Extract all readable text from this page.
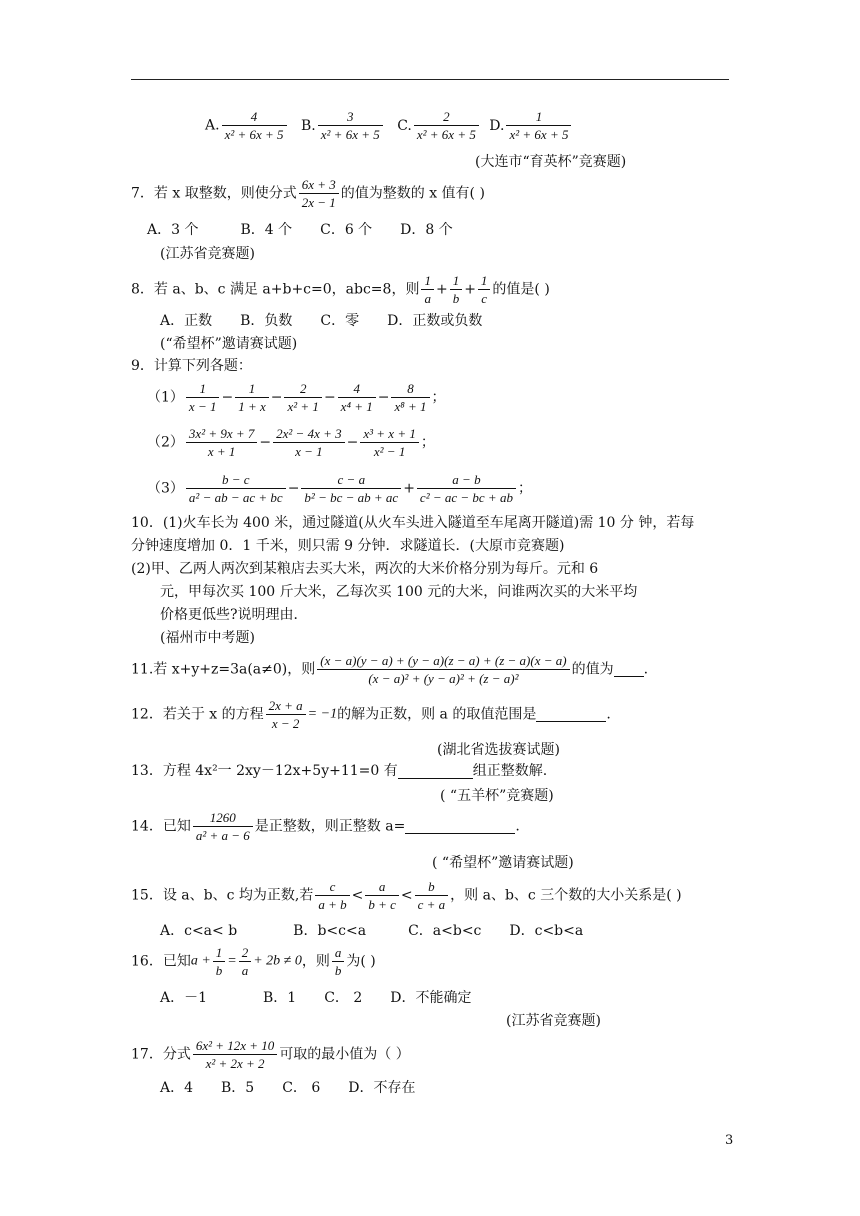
A. $\frac{4}{\text{x² + 6x + 5}} B$. $\frac{3}{\text{x² + 6x + 5}} C$. $\frac{2}{\text{x² + 6x + 5}} D$. $\frac{1}{\text{x² + 6x + 5}}$
(大连市“育英杯”竞赛题)
7．若 x 取整数，则使分式 $\frac{6x + 3}{2x - 1}$ 的值为整数的 x 值有( )
A．3 个　　　B．4 个　　C．6 个　　D．8 个
(江苏省竞赛题)
8．若 a、b、c 满足 a+b+c=0，abc=8，则 $\frac{1}{a} + \frac{1}{b} + \frac{1}{c}$ 的值是( )
A．正数　　B．负数　　C．零　　D．正数或负数
(“希望杯”邀请赛试题)
9．计算下列各题：
$(1) \frac{1}{x - 1} - \frac{1}{1 + x} - \frac{2}{\text{x² + 1}} - \frac{4}{\text{x⁴ + 1}} - \frac{8}{\text{x⁸ + 1}}$ ；
$(2) \frac{\text{3x² + 9x + 7}}{x + 1} - \frac{\text{2x² − 4x + 3}}{x - 1} - \frac{\text{x³ + x + 1}}{\text{x² − 1}}$ ；
$(3) \frac{b - c}{\text{a² − ab − ac + bc}} - \frac{c - a}{\text{b² − bc − ab + ac}} + \frac{a - b}{\text{c² − ac − bc + ab}}$ ；
10．(1)火车长为 400 米，通过隧道(从火车头进入隧道至车尾离开隧道)需 10 分 钟，若每
分钟速度增加 0．1 千米，则只需 9 分钟．求隧道长．(大原市竞赛题)
(2)甲、乙两人两次到某粮店去买大米，两次的大米价格分别为每斤。元和 6
元，甲每次买 100 斤大米，乙每次买 100 元的大米，问谁两次买的大米平均
价格更低些?说明理由．
(福州市中考题)
11.若 x+y+z=3a(a≠0)，则 $\frac{(x - a)(y - a) + (y - a)(z - a) + (z - a)(x - a)}{\text{(x − a)² + (y − a)² + (z − a)²}}$ 的值为 .
12．若关于 x 的方程 $\frac{2x + a}{x - 2} = -1$的解为正数，则 a 的取值范围是	.
(湖北省选拔赛试题)
13．方程 4x²一 2xy－12x+5y+11=0 有	组正整数解.
( “五羊杯”竞赛题)
14．已知 $\frac{1260}{\text{a² + a − 6}}$ 是正整数，则正整数 a=	.
( “希望杯”邀请赛试题)
15．设 a、b、c 均为正数,若 $\frac{c}{a + b} < \frac{a}{b + c} < \frac{b}{c + a}$ ，则 a、b、c 三个数的大小关系是( )
A．c<a< b　　　　B．b<c<a　　　C．a<b<c　　D．c<b<a
16．已知$a + \frac{1}{b} = \frac{2}{a} + 2b \ne 0$，则 $\frac{a}{b}$ 为( )
A．－1　　　　B．1　　C． 2　　D．不能确定
(江苏省竞赛题)
17．分式 $\frac{\text{6x² + 12x + 10}}{\text{x² + 2x + 2}}$ 可取的最小值为（ ）
A．4　　B．5　　C． 6　　D．不存在
3
